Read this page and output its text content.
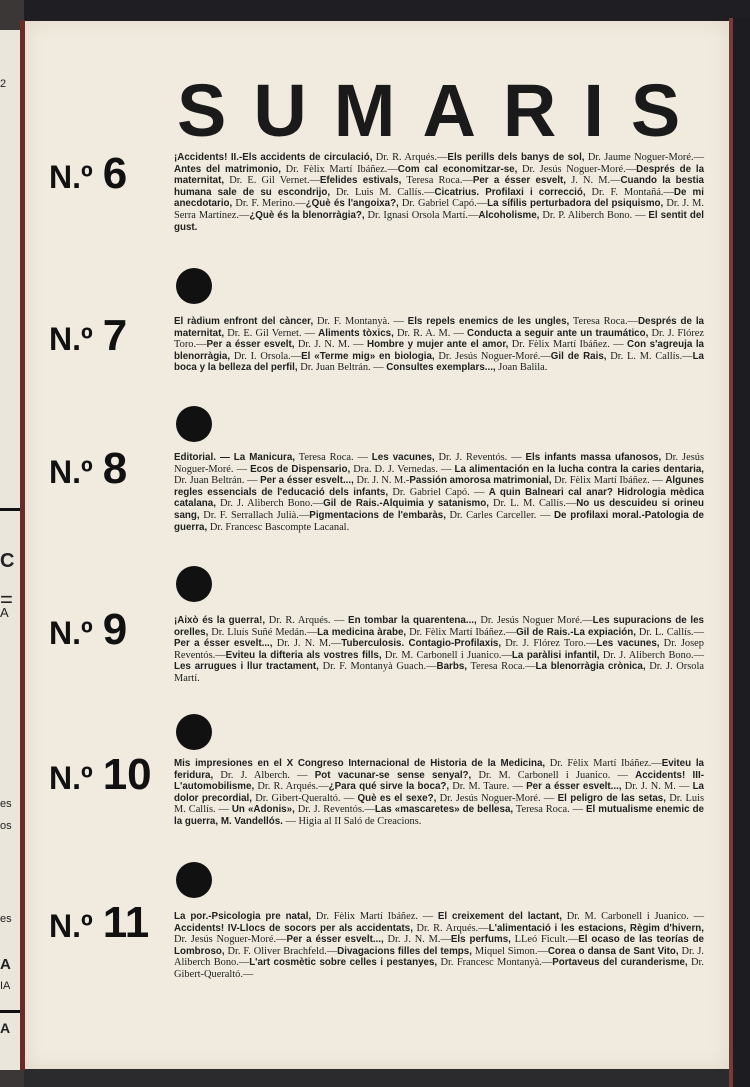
2
C
A
es
os
es
A
IA
A
SUMARIS
N.º 6	¡Accidents! II.-Els accidents de circulació, Dr. R. Arqués.—Els perills dels banys de sol, Dr. Jaume Noguer-Moré.—Antes del matrimonio, Dr. Fèlix Martí Ibáñez.—Com cal economitzar-se, Dr. Jesús Noguer-Moré.—Després de la maternitat, Dr. E. Gil Vernet.—Efelides estivals, Teresa Roca.—Per a ésser esvelt, J. N. M.—Cuando la bestia humana sale de su escondrijo, Dr. Luis M. Callís.—Cicatrius. Profilaxi i correcció, Dr. F. Montañá.—De mi anecdotario, Dr. F. Merino.—¿Què és l'angoixa?, Dr. Gabriel Capó.—La sífilis perturbadora del psiquismo, Dr. J. M. Serra Martínez.—¿Què és la blenorràgia?, Dr. Ignasi Orsola Martí.—Alcoholisme, Dr. P. Aliberch Bono. — El sentit del gust.
N.º 7	El ràdium enfront del càncer, Dr. F. Montanyà. — Els repels enemics de les ungles, Teresa Roca.—Després de la maternitat, Dr. E. Gil Vernet. — Aliments tòxics, Dr. R. A. M. — Conducta a seguir ante un traumático, Dr. J. Flórez Toro.—Per a ésser esvelt, Dr. J. N. M. — Hombre y mujer ante el amor, Dr. Fèlix Martí Ibáñez. — Con s'agreuja la blenorràgia, Dr. I. Orsola.—El «Terme mig» en biologia, Dr. Jesús Noguer-Moré.—Gil de Rais, Dr. L. M. Callís.—La boca y la belleza del perfil, Dr. Juan Beltrán. — Consultes exemplars..., Joan Balila.
N.º 8	Editorial. — La Manicura, Teresa Roca. — Les vacunes, Dr. J. Reventós. — Els infants massa ufanosos, Dr. Jesús Noguer-Moré. — Ecos de Dispensario, Dra. D. J. Vernedas. — La alimentación en la lucha contra la caries dentaria, Dr. Juan Beltrán. — Per a ésser esvelt..., Dr. J. N. M.-Passión amorosa matrimonial, Dr. Fèlix Martí Ibáñez. — Algunes regles essencials de l'educació dels infants, Dr. Gabriel Capó. — A quin Balneari cal anar? Hidrologia mèdica catalana, Dr. J. Aliberch Bono.—Gil de Rais.-Alquimia y satanismo, Dr. L. M. Callís.—No us descuideu si orineu sang, Dr. F. Serrallach Julià.—Pigmentacions de l'embaràs, Dr. Carles Carceller. — De profilaxi moral.-Patologia de guerra, Dr. Francesc Bascompte Lacanal.
N.º 9	¡Això és la guerra!, Dr. R. Arqués. — En tombar la quarentena..., Dr. Jesús Noguer Moré.—Les supuracions de les orelles, Dr. Lluís Suñé Medán.—La medicina àrabe, Dr. Fèlix Martí Ibáñez.—Gil de Rais.-La expiación, Dr. L. Callís.—Per a ésser esvelt..., Dr. J. N. M.—Tuberculosis. Contagio-Profilaxis, Dr. J. Flórez Toro.—Les vacunes, Dr. Josep Reventós.—Eviteu la difteria als vostres fills, Dr. M. Carbonell i Juanico.—La paràlisi infantil, Dr. J. Aliberch Bono.—Les arrugues i llur tractament, Dr. F. Montanyà Guach.—Barbs, Teresa Roca.—La blenorràgia crònica, Dr. J. Orsola Martí.
N.º 10	Mis impresiones en el X Congreso Internacional de Historia de la Medicina, Dr. Fèlix Martí Ibáñez.—Eviteu la feridura, Dr. J. Alberch. — Pot vacunar-se sense senyal?, Dr. M. Carbonell i Juanico. — Accidents! III-L'automobilisme, Dr. R. Arqués.—¿Para qué sirve la boca?, Dr. M. Taure. — Per a ésser esvelt..., Dr. J. N. M. — La dolor precordial, Dr. Gibert-Queraltó. — Què es el sexe?, Dr. Jesús Noguer-Moré. — El peligro de las setas, Dr. Luis M. Callís. — Un «Adonis», Dr. J. Reventós.—Las «mascaretes» de bellesa, Teresa Roca. — El mutualisme enemic de la guerra, M. Vandellós. — Higia al II Saló de Creacions.
N.º 11	La por.-Psicologia pre natal, Dr. Fèlix Martí Ibáñez. — El creixement del lactant, Dr. M. Carbonell i Juanico. — Accidents! IV-Llocs de socors per als accidentats, Dr. R. Arqués.—L'alimentació i les estacions, Règim d'hivern, Dr. Jesús Noguer-Moré.—Per a ésser esvelt..., Dr. J. N. M.—Els perfums, LLeó Ficult.—El ocaso de las teorías de Lombroso, Dr. F. Oliver Brachfeld.—Divagacions filles del temps, Miquel Simon.—Corea o dansa de Sant Vito, Dr. J. Aliberch Bono.—L'art cosmètic sobre celles i pestanyes, Dr. Francesc Montanyà.—Portaveus del curanderisme, Dr. Gibert-Queraltó.—
